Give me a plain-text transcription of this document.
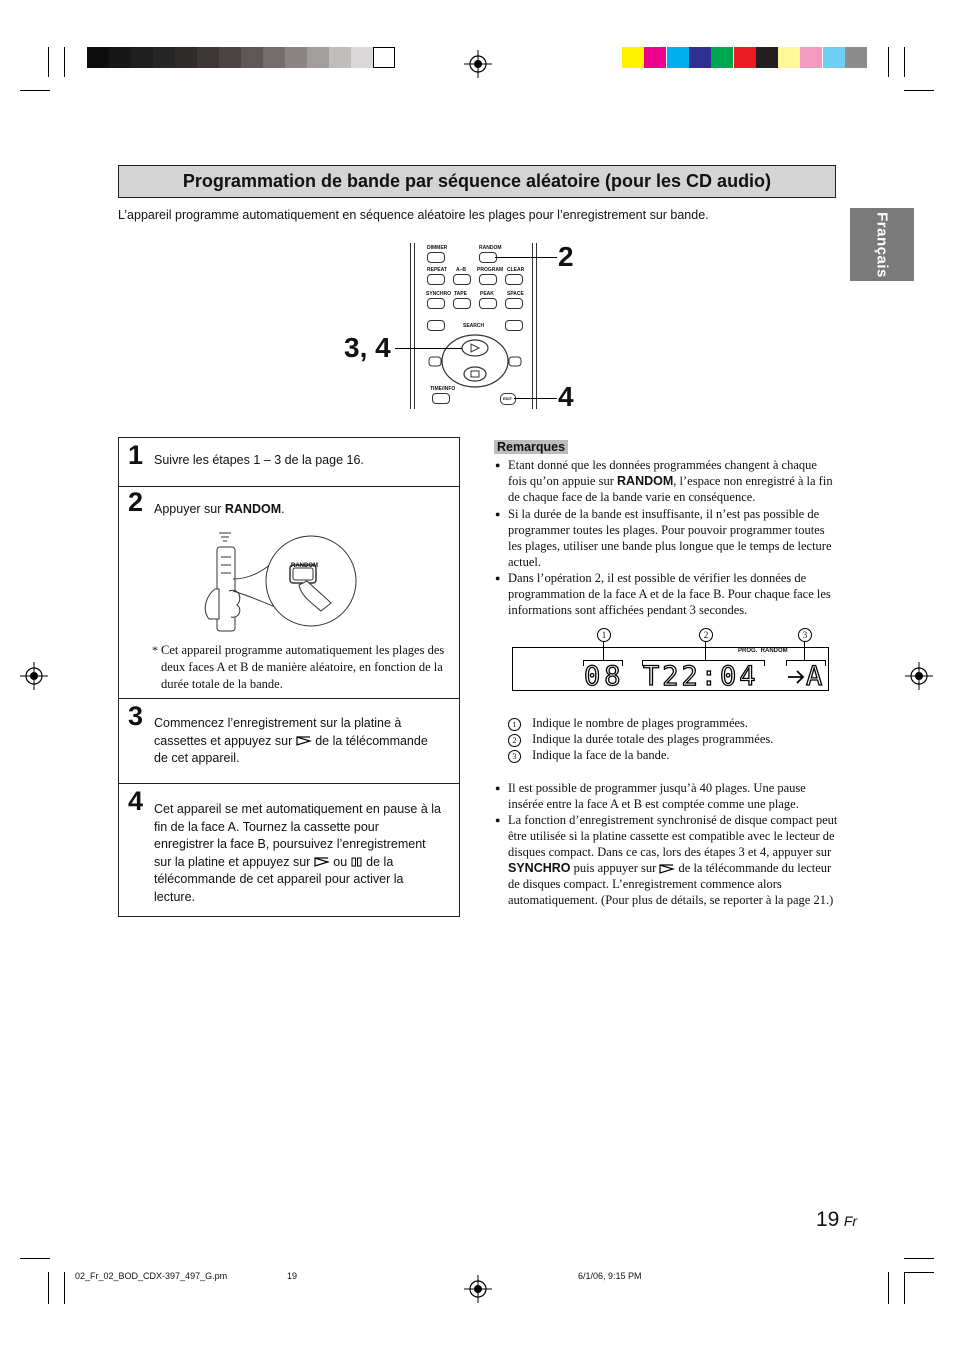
Programmation de bande par séquence aléatoire (pour les CD audio)
L’appareil programme automatiquement en séquence aléatoire les plages pour l’enregistrement sur bande.	Français
DIMMER	RANDOM
REPEAT A–B PROGRAM CLEAR
SYNCHRO TAPE	PEAK	SPACE
SEARCH
TIME/INFO
EDIT
2
3, 4
4
1 Suivre les étapes 1 – 3 de la page 16.
2 Appuyer sur RANDOM.
RANDOM
* Cet appareil programme automatiquement les plages des deux faces A et B de manière aléatoire, en fonction de la durée totale de la bande.
3 Commencez l’enregistrement sur la platine à
cassettes et appuyez sur  de la télécommande
de cet appareil.
4 Cet appareil se met automatiquement en pause à la
fin de la face A. Tournez la cassette pour
enregistrer la face B, poursuivez l’enregistrement
sur la platine et appuyez sur  ou  de la
télécommande de cet appareil pour activer la
lecture.
Remarques
● Etant donné que les données programmées changent à chaque fois qu’on appuie sur RANDOM, l’espace non enregistré à la fin de chaque face de la bande varie en conséquence.
● Si la durée de la bande est insuffisante, il n’est pas possible de programmer toutes les plages. Pour pouvoir programmer toutes les plages, utiliser une bande plus longue que le temps de lecture actuel.
● Dans l’opération 2, il est possible de vérifier les données de programmation de la face A et de la face B. Pour chaque face les informations sont affichées pendant 3 secondes.
1	2	3
PROG.  RANDOM
08 T22:04 A
1 Indique le nombre de plages programmées.
2 Indique la durée totale des plages programmées.
3 Indique la face de la bande.
● Il est possible de programmer jusqu’à 40 plages. Une pause insérée entre la face A et B est comptée comme une plage.
● La fonction d’enregistrement synchronisé de disque compact peut être utilisée si la platine cassette est compatible avec le lecteur de disques compact. Dans ce cas, lors des étapes 3 et 4, appuyer sur SYNCHRO puis appuyer sur  de la télécommande du lecteur de disques compact. L’enregistrement commence alors automatiquement. (Pour plus de détails, se reporter à la page 21.)
19 Fr
02_Fr_02_BOD_CDX-397_497_G.pm	19	6/1/06, 9:15 PM
